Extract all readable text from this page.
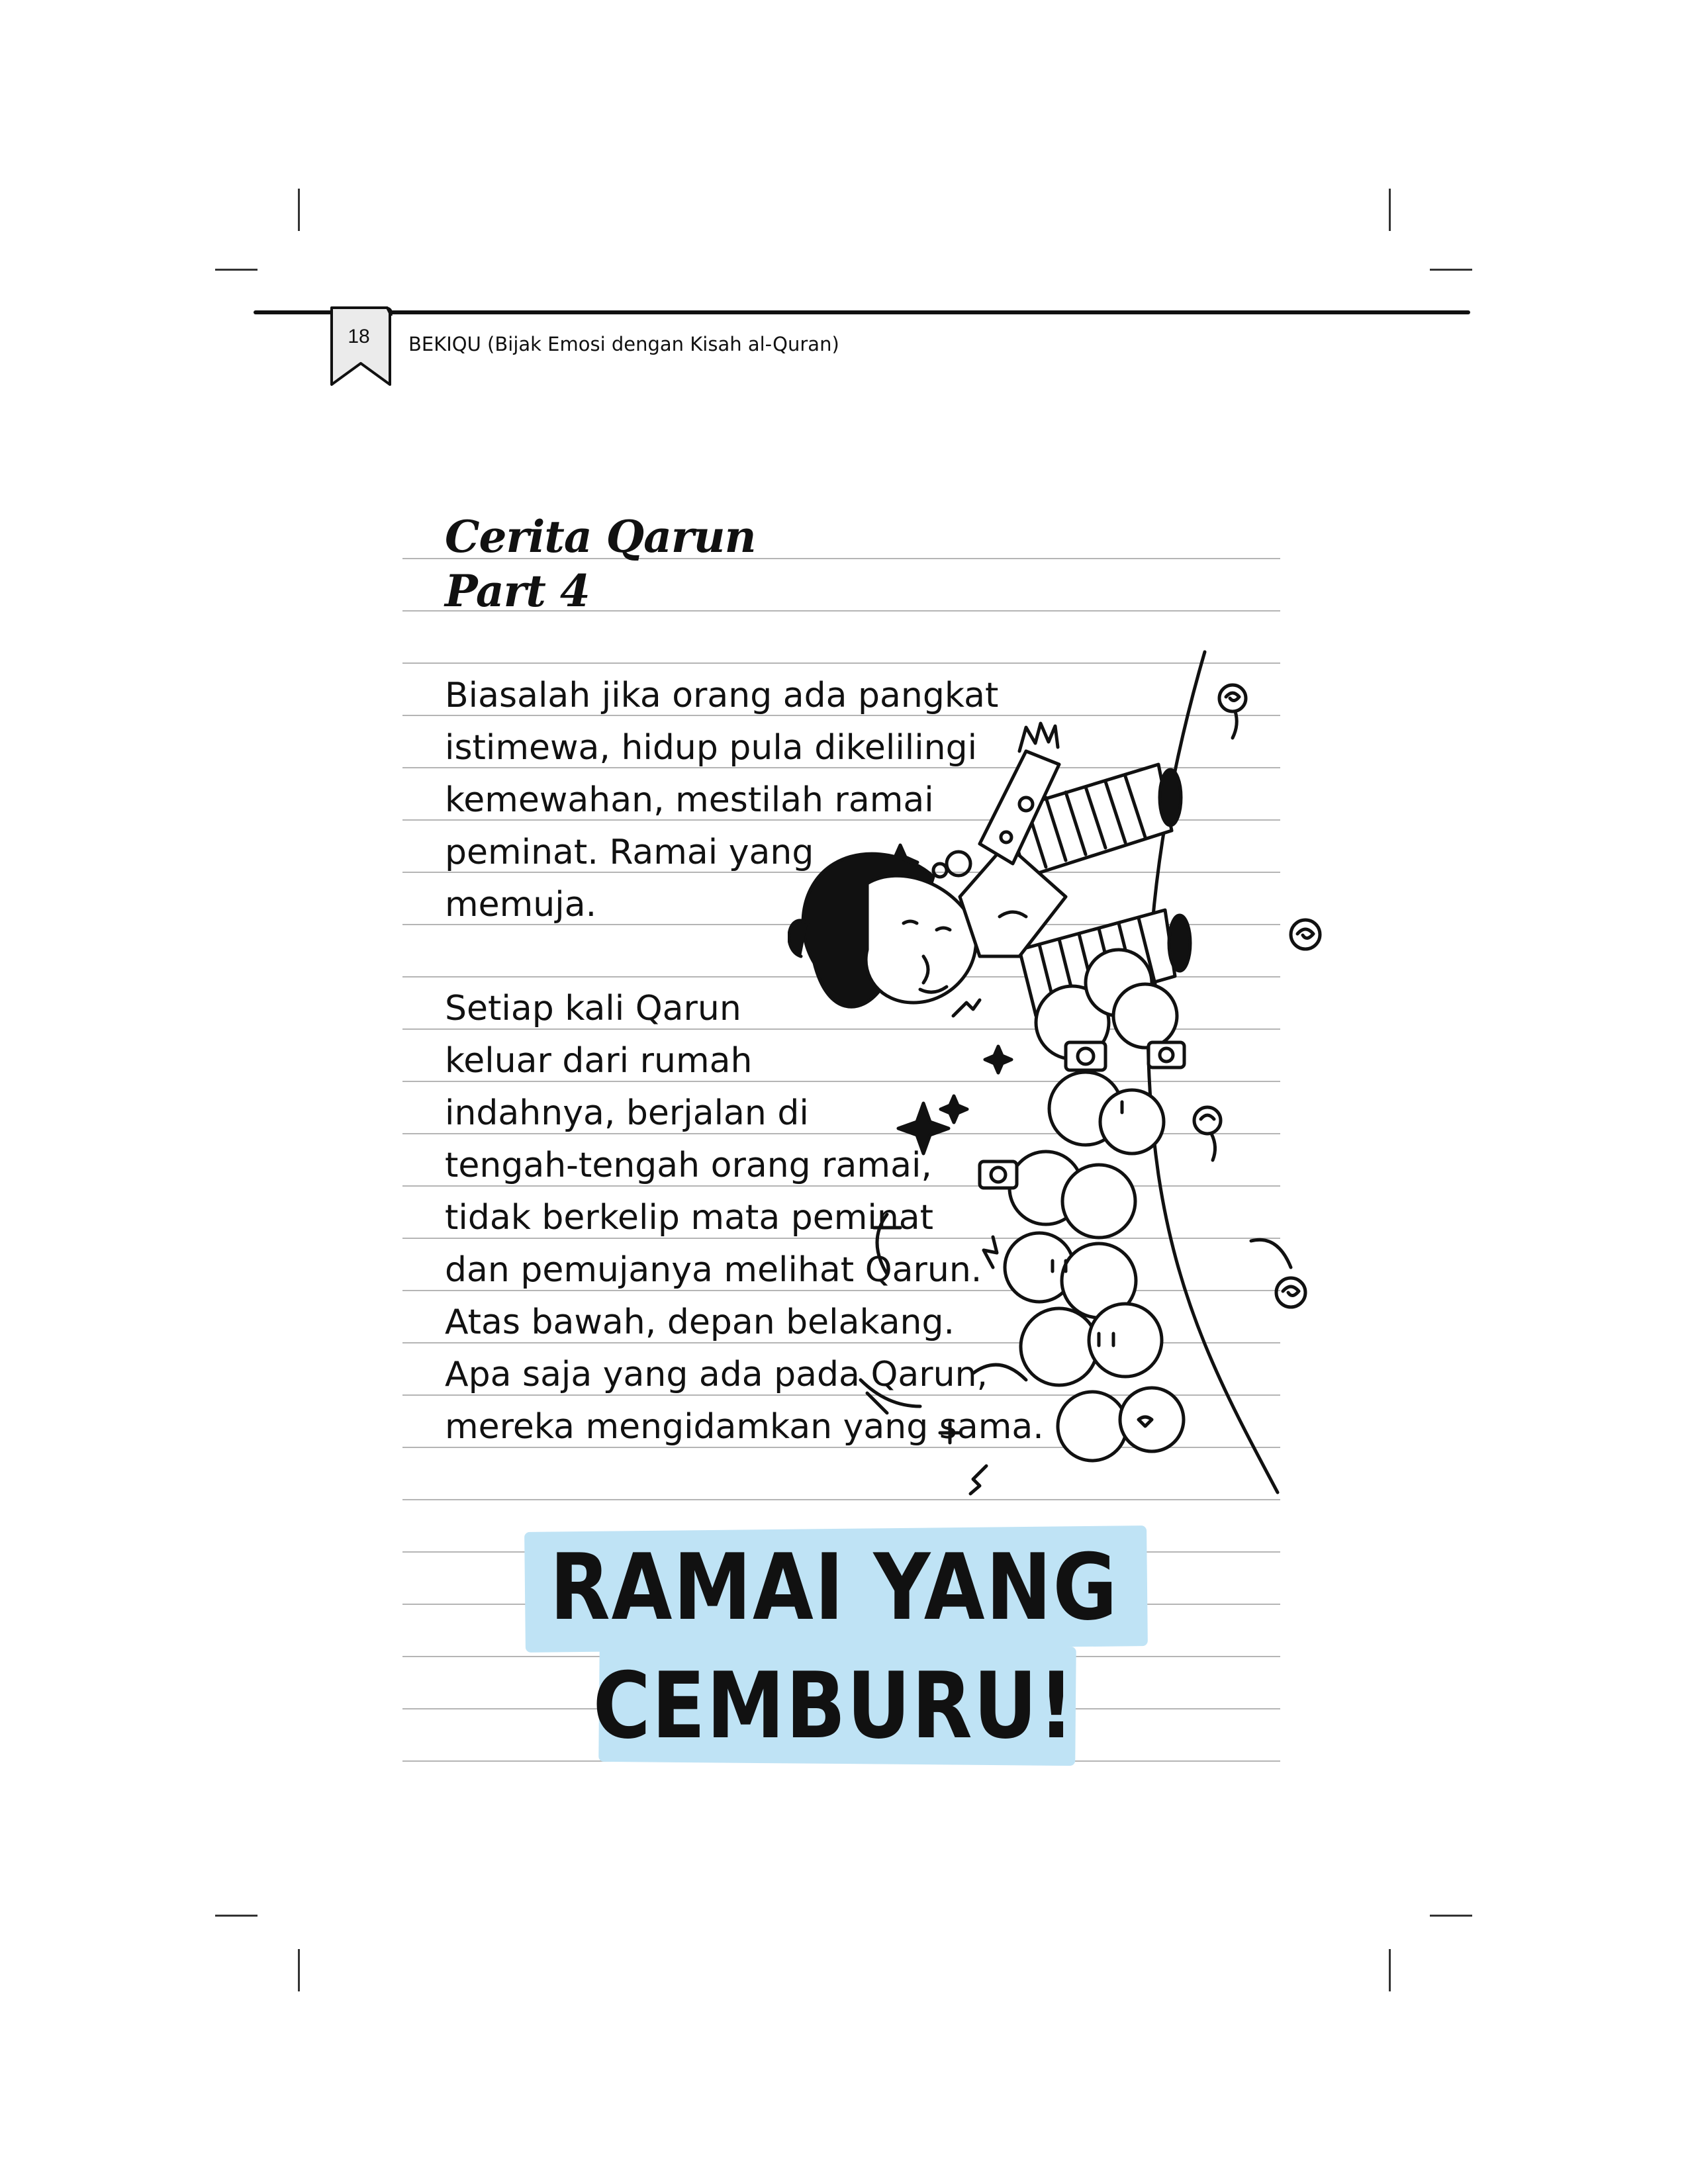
18	BEKIQU (Bijak Emosi dengan Kisah al-Quran)
Cerita Qarun
Part 4
Biasalah jika orang ada pangkat
istimewa, hidup pula dikelilingi
kemewahan, mestilah ramai
peminat. Ramai yang
memuja.
Setiap kali Qarun
keluar dari rumah
indahnya, berjalan di
tengah-tengah orang ramai,
tidak berkelip mata peminat
dan pemujanya melihat Qarun.
Atas bawah, depan belakang.
Apa saja yang ada pada Qarun,
mereka mengidamkan yang sama.
RAMAI YANG
CEMBURU!
